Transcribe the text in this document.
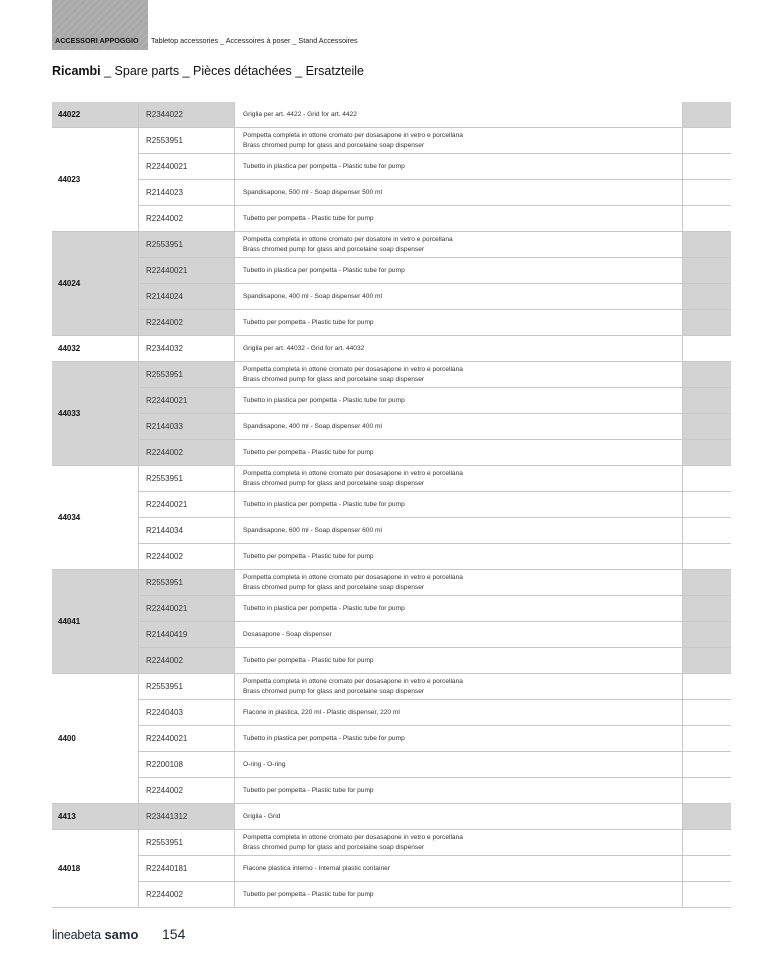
ACCESSORI APPOGGIO Tabletop accessories _ Accessoires à poser _ Stand Accessoires
Ricambi _ Spare parts _ Pièces détachées _ Ersatzteile
44022	R2344022	Griglia per art. 4422 - Grid for art. 4422	

44023	R2553951	Pompetta completa in ottone cromato per dosasapone in vetro e porcellana
Brass chromed pump for glass and porcelaine soap dispenser	

	R22440021	Tubetto in plastica per pompetta - Plastic tube for pump	

	R2144023	Spandisapone, 500 ml - Soap dispenser 500 ml	

	R2244002	Tubetto per pompetta - Plastic tube for pump	

44024	R2553951	Pompetta completa in ottone cromato per dosatore in vetro e porcellana
Brass chromed pump for glass and porcelaine soap dispenser	

	R22440021	Tubetto in plastica per pompetta - Plastic tube for pump	

	R2144024	Spandisapone, 400 ml - Soap dispenser 400 ml	

	R2244002	Tubetto per pompetta - Plastic tube for pump	

44032	R2344032	Griglia per art. 44032 - Grid for art. 44032	

44033	R2553951	Pompetta completa in ottone cromato per dosasapone in vetro e porcellana
Brass chromed pump for glass and porcelaine soap dispenser	

	R22440021	Tubetto in plastica per pompetta - Plastic tube for pump	

	R2144033	Spandisapone, 400 ml - Soap dispenser 400 ml	

	R2244002	Tubetto per pompetta - Plastic tube for pump	

44034	R2553951	Pompetta completa in ottone cromato per dosasapone in vetro e porcellana
Brass chromed pump for glass and porcelaine soap dispenser	

	R22440021	Tubetto in plastica per pompetta - Plastic tube for pump	

	R2144034	Spandisapone, 600 ml - Soap dispenser 600 ml	

	R2244002	Tubetto per pompetta - Plastic tube for pump	

44041	R2553951	Pompetta completa in ottone cromato per dosasapone in vetro e porcellana
Brass chromed pump for glass and porcelaine soap dispenser	

	R22440021	Tubetto in plastica per pompetta - Plastic tube for pump	

	R21440419	Dosasapone - Soap dispenser	

	R2244002	Tubetto per pompetta - Plastic tube for pump	

4400	R2553951	Pompetta completa in ottone cromato per dosasapone in vetro e porcellana
Brass chromed pump for glass and porcelaine soap dispenser	

	R2240403	Flacone in plastica, 220 ml - Plastic dispenser, 220 ml	

	R22440021	Tubetto in plastica per pompetta - Plastic tube for pump	

	R2200108	O-ring - O-ring	

	R2244002	Tubetto per pompetta - Plastic tube for pump	

4413	R23441312	Griglia - Grid	

44018	R2553951	Pompetta completa in ottone cromato per dosasapone in vetro e porcellana
Brass chromed pump for glass and porcelaine soap dispenser	

	R22440181	Flacone plastica interno - Internal plastic container	

	R2244002	Tubetto per pompetta - Plastic tube for pump	

lineabeta samo 154
